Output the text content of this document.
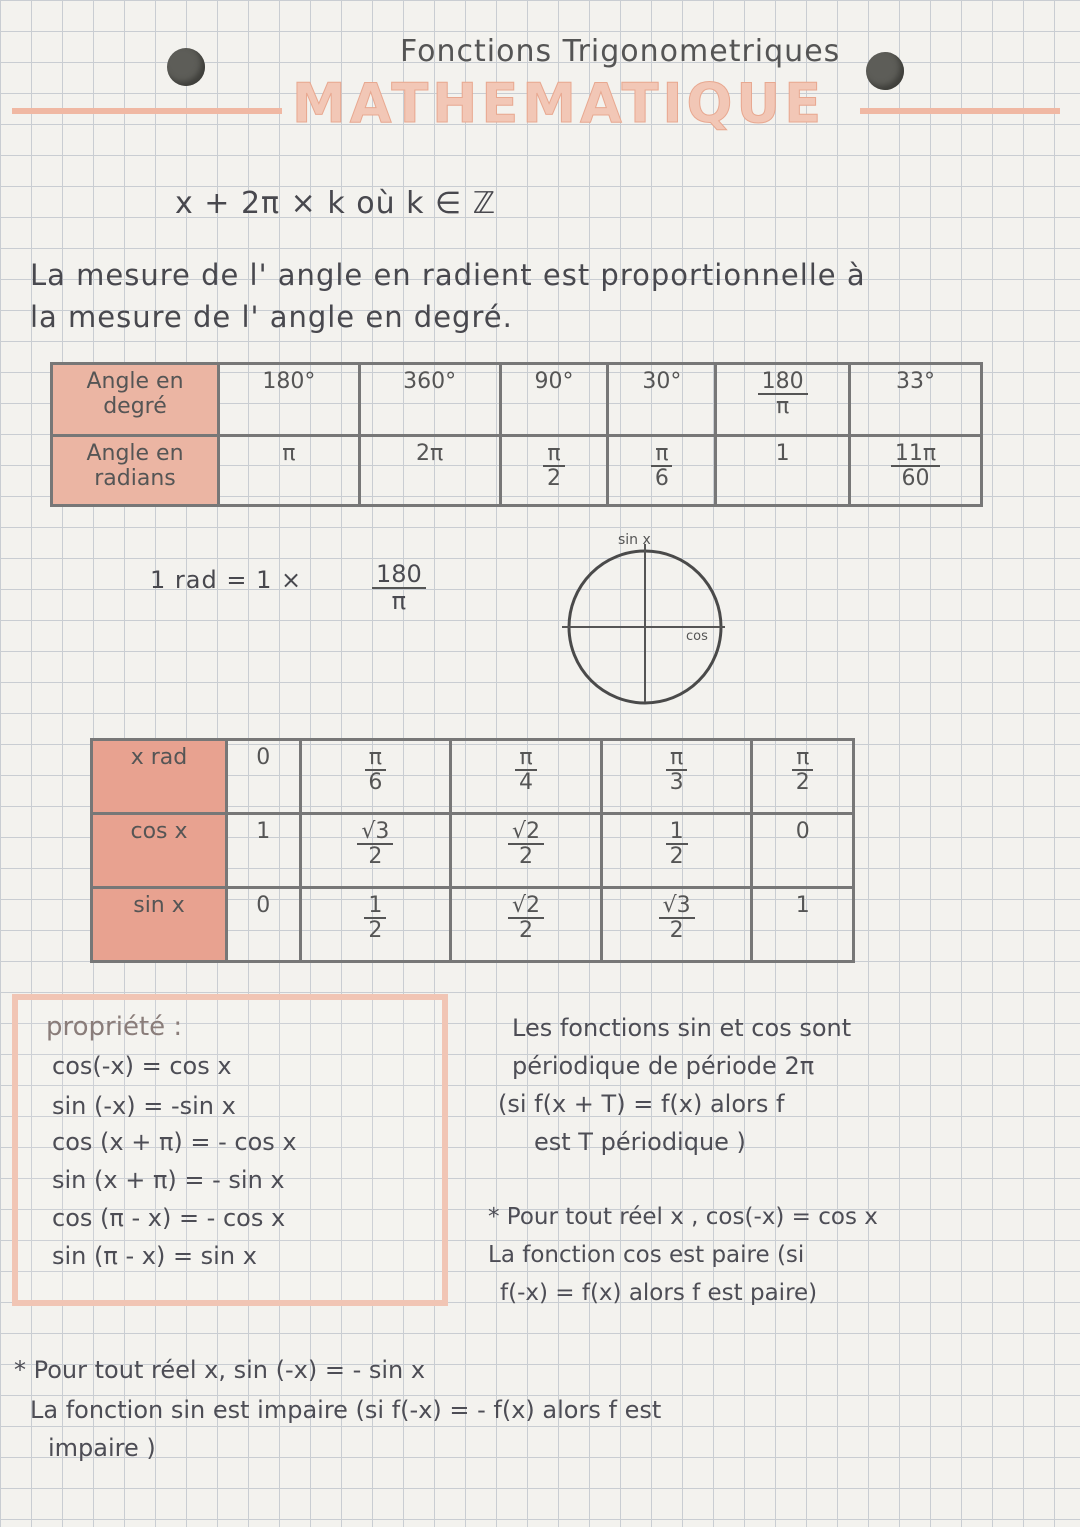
Fonctions Trigonometriques
MATHEMATIQUE
x + 2π × k où k ∈ ℤ
La mesure de l' angle en radient est proportionnelle à
la mesure de l' angle en degré.
Angle en degré	180°	360°	90°	30°	$\frac{180}{\pi}$	33°
Angle en radians	π	2π	$\frac{\pi}{2}$	$\frac{\pi}{6}$	1	$\frac{11\pi}{60}$
1 rad = 1 ×	$\frac{180}{\pi}$
sin x
cos
x rad	0	$\frac{\pi}{6}$	$\frac{\pi}{4}$	$\frac{\pi}{3}$	$\frac{\pi}{2}$

cos x	1	$\frac{√3}{2}$	$\frac{√2}{2}$	$\frac{1}{2}$	0
sin x	0	$\frac{1}{2}$	$\frac{√2}{2}$	$\frac{√3}{2}$	1
propriété :
cos(-x) = cos x
sin (-x) = -sin x
cos (x + π) = - cos x
sin (x + π) = - sin x
cos (π - x) = - cos x
sin (π - x) = sin x
Les fonctions sin et cos sont
périodique de période 2π
(si f(x + T) = f(x) alors f
est T périodique )
* Pour tout réel x , cos(-x) = cos x
La fonction cos est paire (si
f(-x) = f(x) alors f est paire)
* Pour tout réel x, sin (-x) = - sin x
La fonction sin est impaire (si f(-x) = - f(x) alors f est
impaire )
